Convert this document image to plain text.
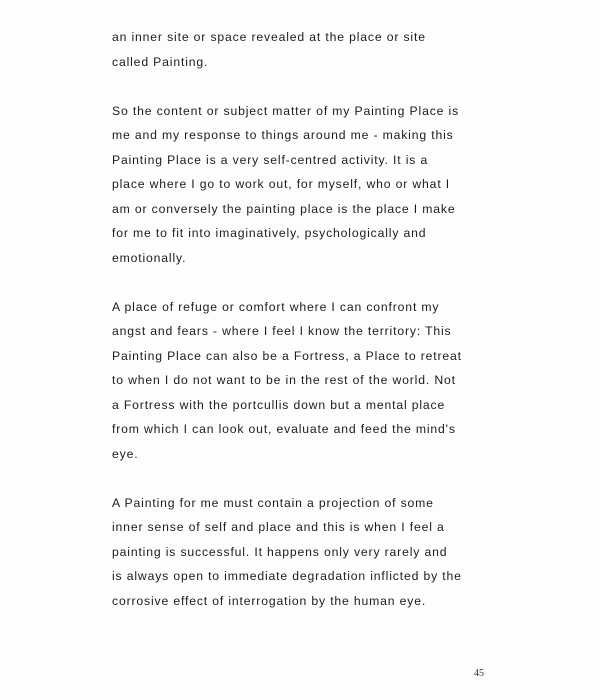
an inner site or space revealed at the place or site
called Painting.
So the content or subject matter of my Painting Place is
me and my response to things around me - making this
Painting Place is a very self-centred activity. It is a
place where I go to work out, for myself, who or what I
am or conversely the painting place is the place I make
for me to fit into imaginatively, psychologically and
emotionally.
A place of refuge or comfort where I can confront my
angst and fears - where I feel I know the territory: This
Painting Place can also be a Fortress, a Place to retreat
to when I do not want to be in the rest of the world. Not
a Fortress with the portcullis down but a mental place
from which I can look out, evaluate and feed the mind's
eye.
A Painting for me must contain a projection of some
inner sense of self and place and this is when I feel a
painting is successful. It happens only very rarely and
is always open to immediate degradation inflicted by the
corrosive effect of interrogation by the human eye.
45
